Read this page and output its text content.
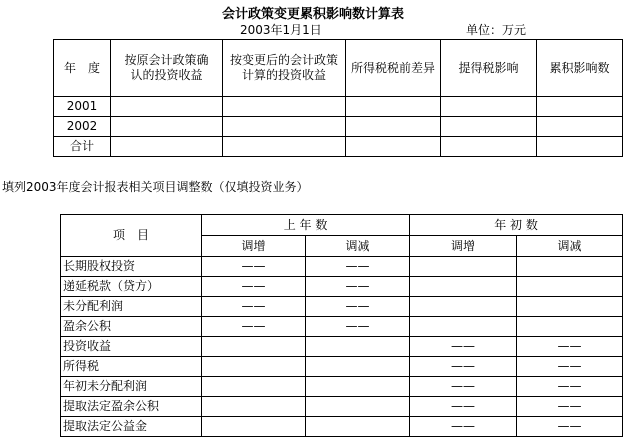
会计政策变更累积影响数计算表
2003年1月1日	单位：万元
年　度	按原会计政策确认的投资收益	按变更后的会计政策计算的投资收益	所得税税前差异	提得税影响	累积影响数
2001					
2002					
合计					
填列2003年度会计报表相关项目调整数（仅填投资业务）
项　目	上 年 数		年 初 数	
	调增	调减	调增	调减
长期股权投资	——	——		
递延税款（贷方）	——	——		
未分配利润	——	——		
盈余公积	——	——		
投资收益			——	——
所得税			——	——
年初未分配利润			——	——
提取法定盈余公积			——	——
提取法定公益金			——	——
